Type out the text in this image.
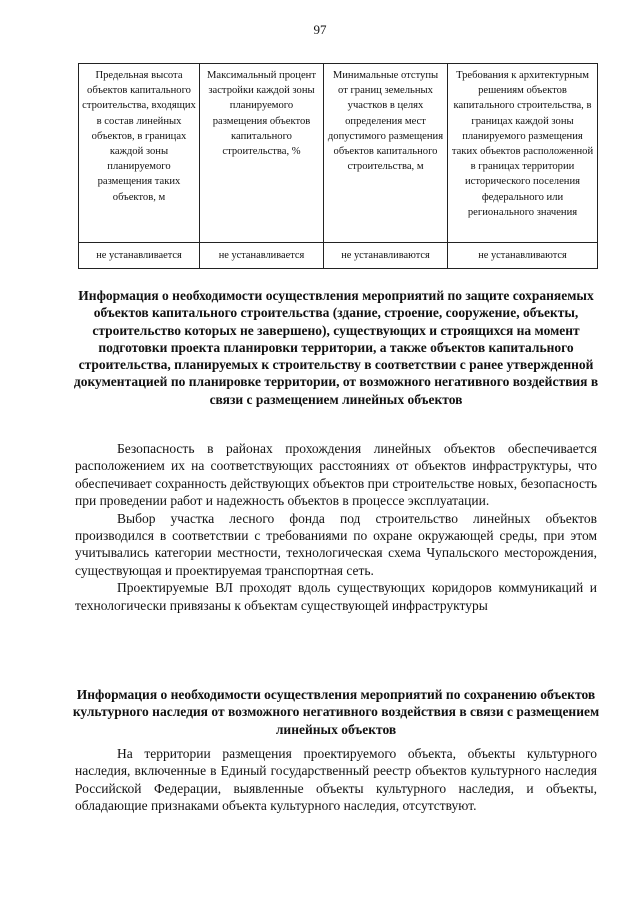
97
Предельная высота объектов капитального строительства, входящих в состав линейных объектов, в границах каждой зоны планируемого размещения таких объектов, м	Максимальный процент застройки каждой зоны планируемого размещения объектов капитального строительства, %	Минимальные отступы от границ земельных участков в целях определения мест допустимого размещения объектов капитального строительства, м	Требования к архитектурным решениям объектов капитального строительства, в границах каждой зоны планируемого размещения таких объектов расположенной в границах территории исторического поселения федерального или регионального значения
не устанавливается	не устанавливается	не устанавливаются	не устанавливаются
Информация о необходимости осуществления мероприятий по защите сохраняемых объектов капитального строительства (здание, строение, сооружение, объекты, строительство которых не завершено), существующих и строящихся на момент подготовки проекта планировки территории, а также объектов капитального строительства, планируемых к строительству в соответствии с ранее утвержденной документацией по планировке территории, от возможного негативного воздействия в связи с размещением линейных объектов

Безопасность в районах прохождения линейных объектов обеспечивается расположением их на соответствующих расстояниях от объектов инфраструктуры, что обеспечивает сохранность действующих объектов при строительстве новых, безопасность при проведении работ и надежность объектов в процессе эксплуатации.

Выбор участка лесного фонда под строительство линейных объектов производился в соответствии с требованиями по охране окружающей среды, при этом учитывались категории местности, технологическая схема Чупальского месторождения, существующая и проектируемая транспортная сеть.

Проектируемые ВЛ проходят вдоль существующих коридоров коммуникаций и технологически привязаны к объектам существующей инфраструктуры

Информация о необходимости осуществления мероприятий по сохранению объектов культурного наследия от возможного негативного воздействия в связи с размещением линейных объектов

На территории размещения проектируемого объекта, объекты культурного наследия, включенные в Единый государственный реестр объектов культурного наследия Российской Федерации, выявленные объекты культурного наследия, и объекты, обладающие признаками объекта культурного наследия, отсутствуют.
